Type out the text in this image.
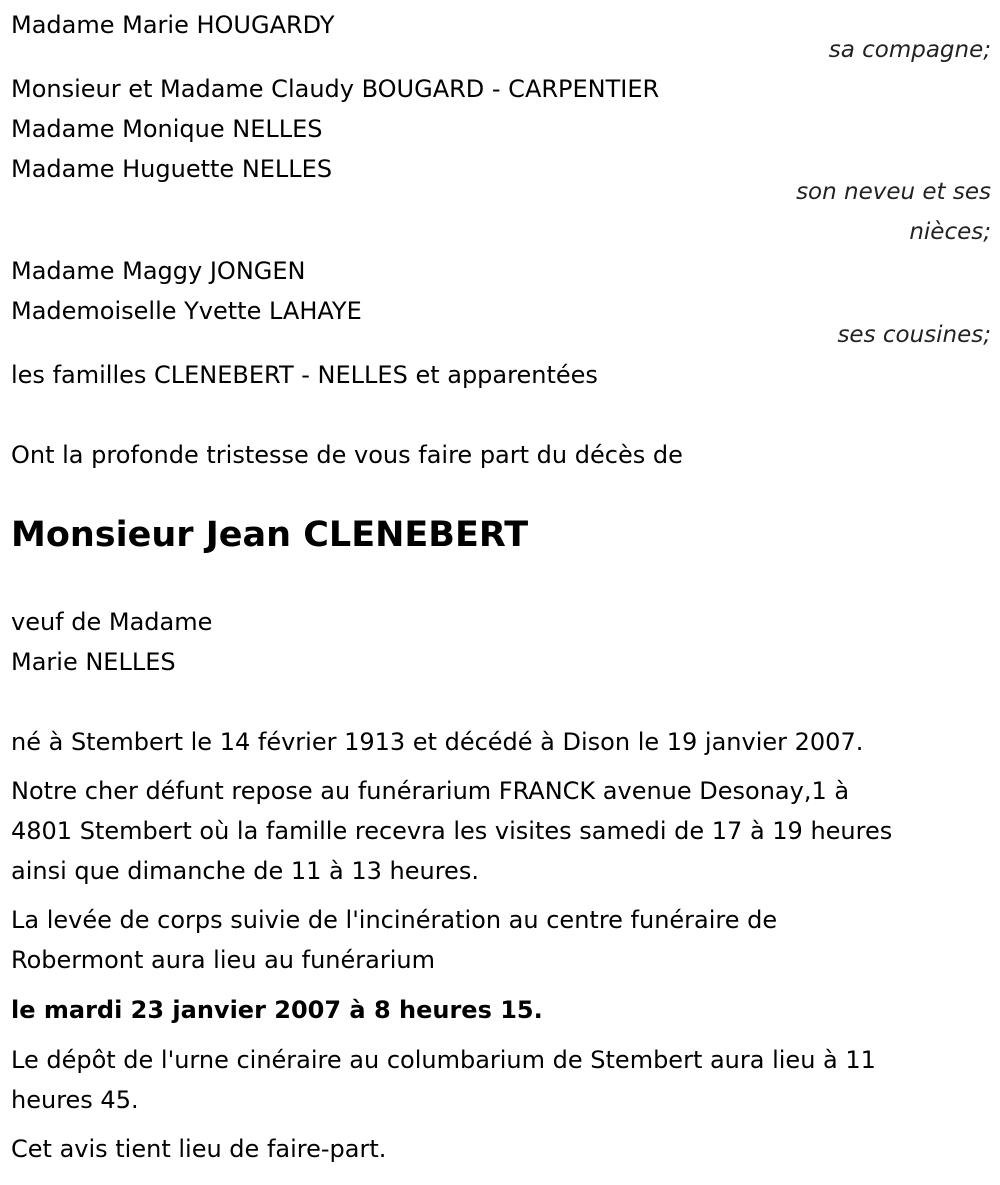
Madame Marie HOUGARDY
sa compagne;
Monsieur et Madame Claudy BOUGARD - CARPENTIER
Madame Monique NELLES
Madame Huguette NELLES
son neveu et ses
nièces;
Madame Maggy JONGEN
Mademoiselle Yvette LAHAYE
ses cousines;
les familles CLENEBERT - NELLES et apparentées
Ont la profonde tristesse de vous faire part du décès de
Monsieur Jean CLENEBERT
veuf de Madame
Marie NELLES
né à Stembert le 14 février 1913 et décédé à Dison le 19 janvier 2007.
Notre cher défunt repose au funérarium FRANCK avenue Desonay,1 à
4801 Stembert où la famille recevra les visites samedi de 17 à 19 heures
ainsi que dimanche de 11 à 13 heures.
La levée de corps suivie de l'incinération au centre funéraire de
Robermont aura lieu au funérarium
le mardi 23 janvier 2007 à 8 heures 15.
Le dépôt de l'urne cinéraire au columbarium de Stembert aura lieu à 11
heures 45.
Cet avis tient lieu de faire-part.
